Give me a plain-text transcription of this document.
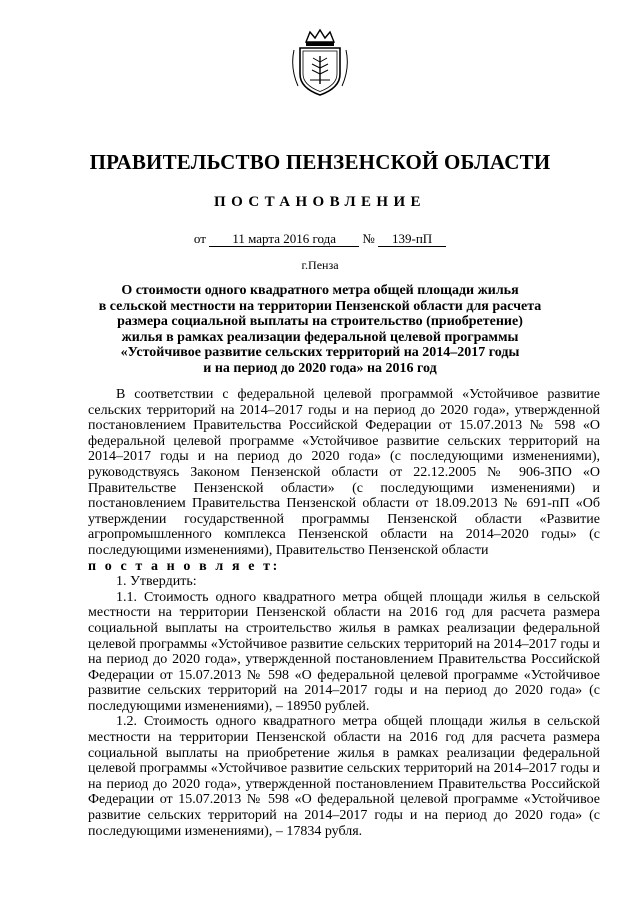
ПРАВИТЕЛЬСТВО ПЕНЗЕНСКОЙ ОБЛАСТИ
ПОСТАНОВЛЕНИЕ
от 11 марта 2016 года № 139-пП
г.Пенза
О стоимости одного квадратного метра общей площади жилья
в сельской местности на территории Пензенской области для расчета
размера социальной выплаты на строительство (приобретение)
жилья в рамках реализации федеральной целевой программы
«Устойчивое развитие сельских территорий на 2014–2017 годы
и на период до 2020 года» на 2016 год

В соответствии с федеральной целевой программой «Устойчивое развитие сельских территорий на 2014–2017 годы и на период до 2020 года», утвержденной постановлением Правительства Российской Федерации от 15.07.2013 № 598 «О федеральной целевой программе «Устойчивое развитие сельских территорий на 2014–2017 годы и на период до 2020 года» (с последующими изменениями), руководствуясь Законом Пензенской области от 22.12.2005 № 906-ЗПО «О Правительстве Пензенской области» (с последующими изменениями) и постановлением Правительства Пензенской области от 18.09.2013 № 691-пП «Об утверждении государственной программы Пензенской области «Развитие агропромышленного комплекса Пензенской области на 2014–2020 годы» (с последующими изменениями), Правительство Пензенской области

п о с т а н о в л я е т:

1. Утвердить:

1.1. Стоимость одного квадратного метра общей площади жилья в сельской местности на территории Пензенской области на 2016 год для расчета размера социальной выплаты на строительство жилья в рамках реализации федеральной целевой программы «Устойчивое развитие сельских территорий на 2014–2017 годы и на период до 2020 года», утвержденной постановлением Правительства Российской Федерации от 15.07.2013 № 598 «О федеральной целевой программе «Устойчивое развитие сельских территорий на 2014–2017 годы и на период до 2020 года» (с последующими изменениями), – 18950 рублей.

1.2. Стоимость одного квадратного метра общей площади жилья в сельской местности на территории Пензенской области на 2016 год для расчета размера социальной выплаты на приобретение жилья в рамках реализации федеральной целевой программы «Устойчивое развитие сельских территорий на 2014–2017 годы и на период до 2020 года», утвержденной постановлением Правительства Российской Федерации от 15.07.2013 № 598 «О федеральной целевой программе «Устойчивое развитие сельских территорий на 2014–2017 годы и на период до 2020 года» (с последующими изменениями), – 17834 рубля.
